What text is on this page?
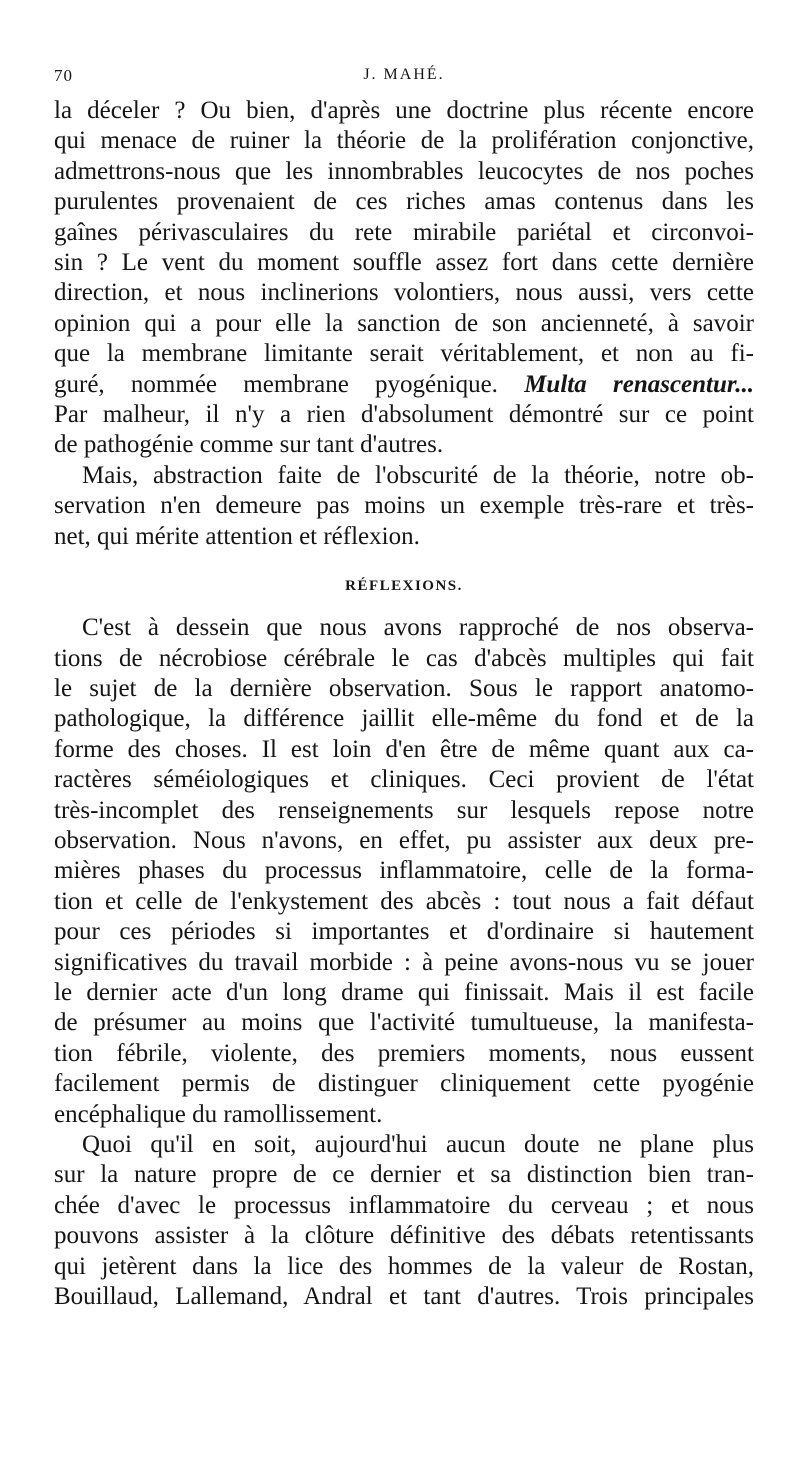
70	J. MAHÉ.

la déceler ? Ou bien, d'après une doctrine plus récente encore
qui menace de ruiner la théorie de la prolifération conjonctive,
admettrons-nous que les innombrables leucocytes de nos poches
purulentes provenaient de ces riches amas contenus dans les
gaînes périvasculaires du rete mirabile pariétal et circonvoi-
sin ? Le vent du moment souffle assez fort dans cette dernière
direction, et nous inclinerions volontiers, nous aussi, vers cette
opinion qui a pour elle la sanction de son ancienneté, à savoir
que la membrane limitante serait véritablement, et non au fi-
guré, nommée membrane pyogénique. Multa renascentur...
Par malheur, il n'y a rien d'absolument démontré sur ce point
de pathogénie comme sur tant d'autres.

Mais, abstraction faite de l'obscurité de la théorie, notre ob-
servation n'en demeure pas moins un exemple très-rare et très-
net, qui mérite attention et réflexion.

RÉFLEXIONS.

C'est à dessein que nous avons rapproché de nos observa-
tions de nécrobiose cérébrale le cas d'abcès multiples qui fait
le sujet de la dernière observation. Sous le rapport anatomo-
pathologique, la différence jaillit elle-même du fond et de la
forme des choses. Il est loin d'en être de même quant aux ca-
ractères séméiologiques et cliniques. Ceci provient de l'état
très-incomplet des renseignements sur lesquels repose notre
observation. Nous n'avons, en effet, pu assister aux deux pre-
mières phases du processus inflammatoire, celle de la forma-
tion et celle de l'enkystement des abcès : tout nous a fait défaut
pour ces périodes si importantes et d'ordinaire si hautement
significatives du travail morbide : à peine avons-nous vu se jouer
le dernier acte d'un long drame qui finissait. Mais il est facile
de présumer au moins que l'activité tumultueuse, la manifesta-
tion fébrile, violente, des premiers moments, nous eussent
facilement permis de distinguer cliniquement cette pyogénie
encéphalique du ramollissement.

Quoi qu'il en soit, aujourd'hui aucun doute ne plane plus
sur la nature propre de ce dernier et sa distinction bien tran-
chée d'avec le processus inflammatoire du cerveau ; et nous
pouvons assister à la clôture définitive des débats retentissants
qui jetèrent dans la lice des hommes de la valeur de Rostan,
Bouillaud, Lallemand, Andral et tant d'autres. Trois principales
